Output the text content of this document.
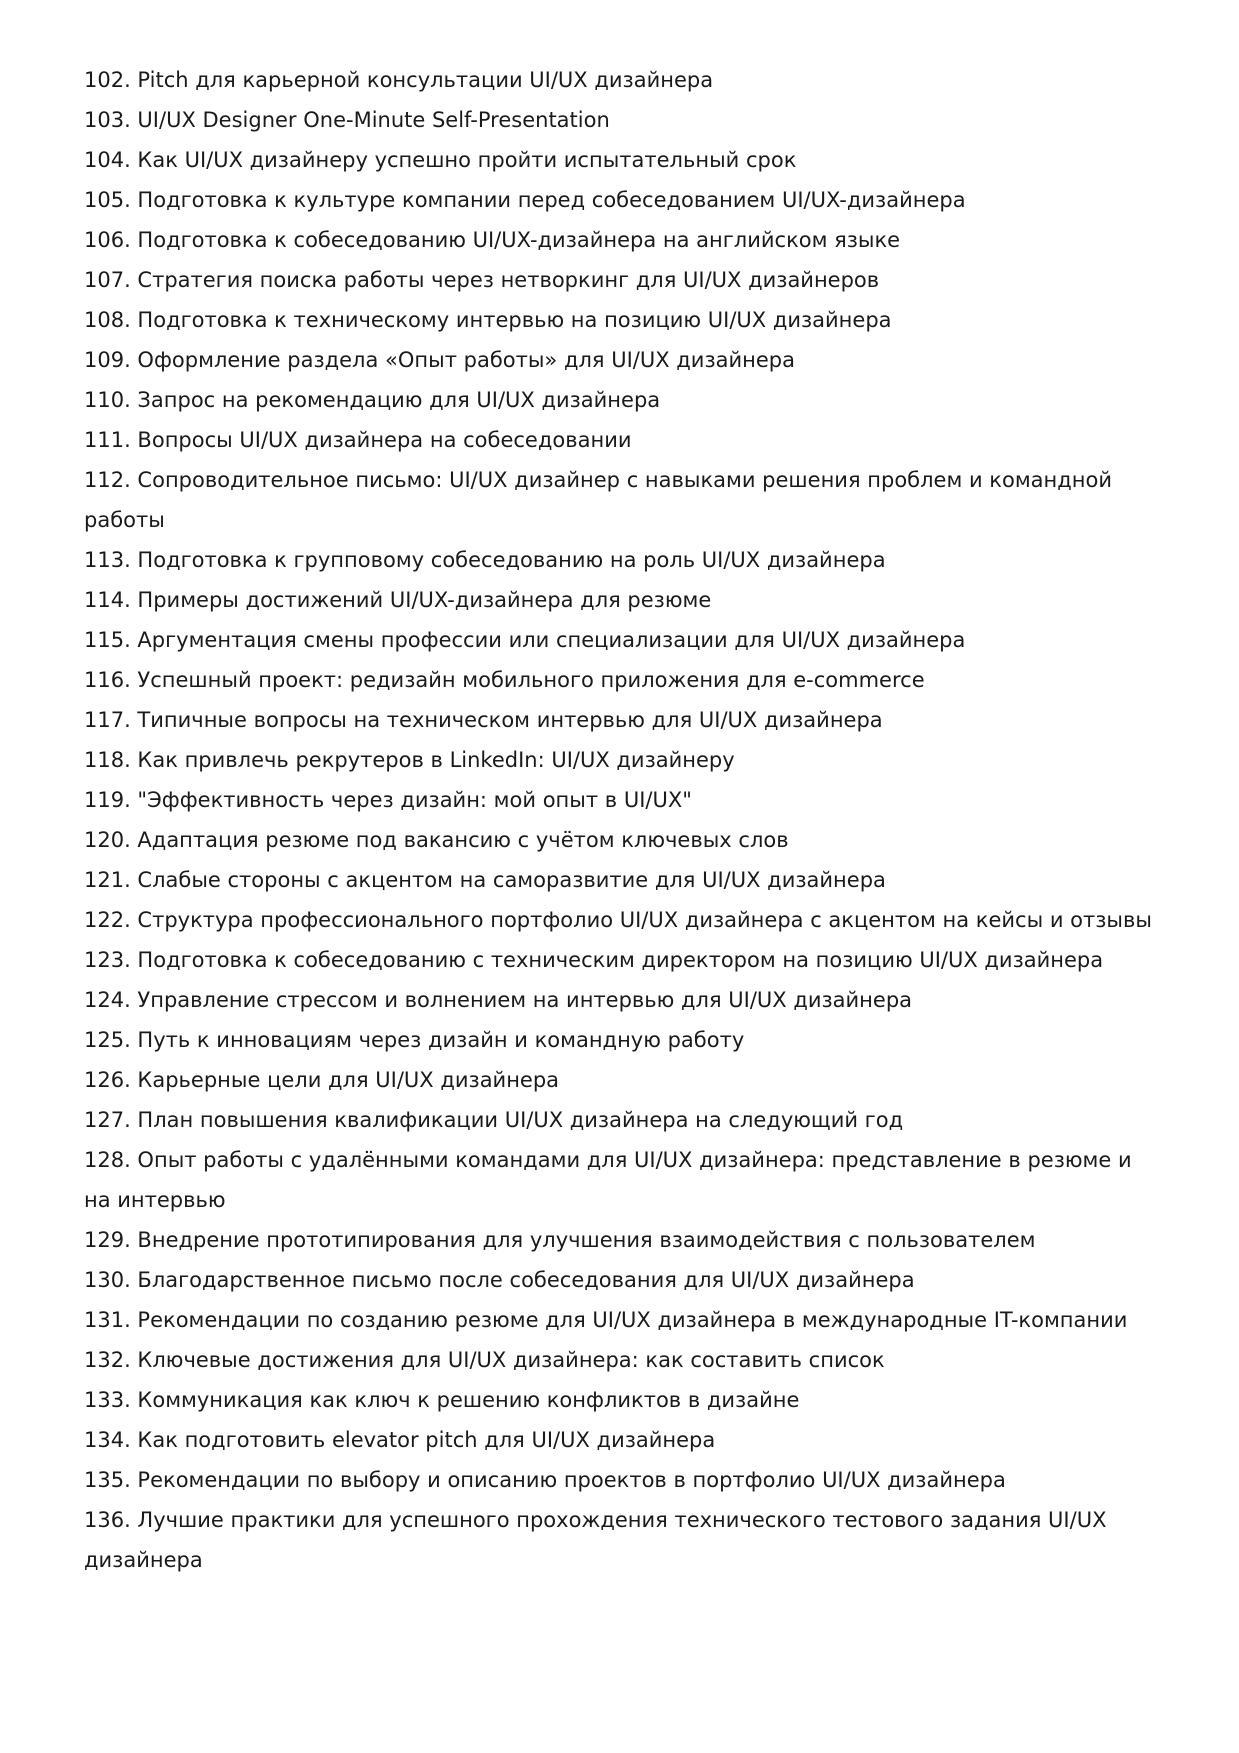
102. Pitch для карьерной консультации UI/UX дизайнера
103. UI/UX Designer One-Minute Self-Presentation
104. Как UI/UX дизайнеру успешно пройти испытательный срок
105. Подготовка к культуре компании перед собеседованием UI/UX-дизайнера
106. Подготовка к собеседованию UI/UX-дизайнера на английском языке
107. Стратегия поиска работы через нетворкинг для UI/UX дизайнеров
108. Подготовка к техническому интервью на позицию UI/UX дизайнера
109. Оформление раздела «Опыт работы» для UI/UX дизайнера
110. Запрос на рекомендацию для UI/UX дизайнера
111. Вопросы UI/UX дизайнера на собеседовании
112. Сопроводительное письмо: UI/UX дизайнер с навыками решения проблем и командной работы
113. Подготовка к групповому собеседованию на роль UI/UX дизайнера
114. Примеры достижений UI/UX-дизайнера для резюме
115. Аргументация смены профессии или специализации для UI/UX дизайнера
116. Успешный проект: редизайн мобильного приложения для e-commerce
117. Типичные вопросы на техническом интервью для UI/UX дизайнера
118. Как привлечь рекрутеров в LinkedIn: UI/UX дизайнеру
119. "Эффективность через дизайн: мой опыт в UI/UX"
120. Адаптация резюме под вакансию с учётом ключевых слов
121. Слабые стороны с акцентом на саморазвитие для UI/UX дизайнера
122. Структура профессионального портфолио UI/UX дизайнера с акцентом на кейсы и отзывы
123. Подготовка к собеседованию с техническим директором на позицию UI/UX дизайнера
124. Управление стрессом и волнением на интервью для UI/UX дизайнера
125. Путь к инновациям через дизайн и командную работу
126. Карьерные цели для UI/UX дизайнера
127. План повышения квалификации UI/UX дизайнера на следующий год
128. Опыт работы с удалёнными командами для UI/UX дизайнера: представление в резюме и на интервью
129. Внедрение прототипирования для улучшения взаимодействия с пользователем
130. Благодарственное письмо после собеседования для UI/UX дизайнера
131. Рекомендации по созданию резюме для UI/UX дизайнера в международные IT-компании
132. Ключевые достижения для UI/UX дизайнера: как составить список
133. Коммуникация как ключ к решению конфликтов в дизайне
134. Как подготовить elevator pitch для UI/UX дизайнера
135. Рекомендации по выбору и описанию проектов в портфолио UI/UX дизайнера
136. Лучшие практики для успешного прохождения технического тестового задания UI/UX дизайнера
